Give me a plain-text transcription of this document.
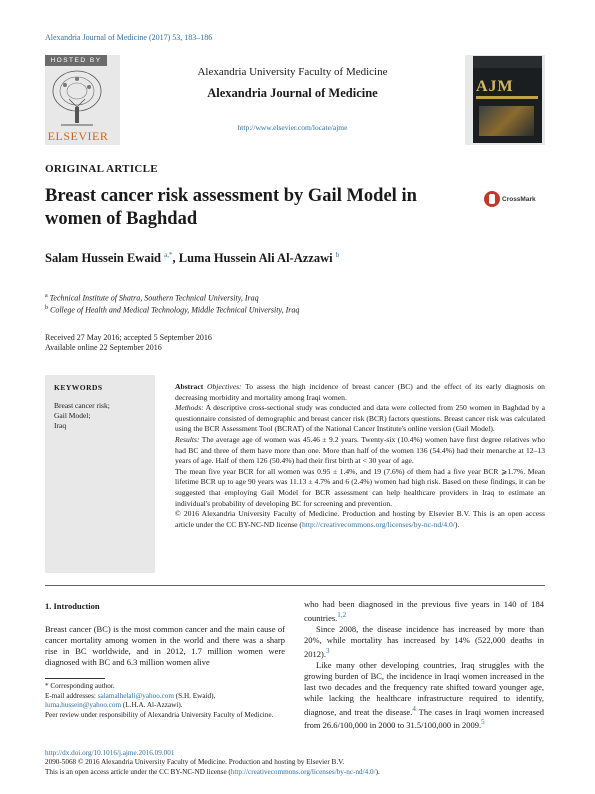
Alexandria Journal of Medicine (2017) 53, 183–186
HOSTED BY
ELSEVIER
Alexandria University Faculty of Medicine
Alexandria Journal of Medicine
http://www.elsevier.com/locate/ajme
AJM
ORIGINAL ARTICLE
Breast cancer risk assessment by Gail Model in
women of Baghdad
CrossMark
Salam Hussein Ewaid $^{a,*}$, Luma Hussein Ali Al-Azzawi $^b$
$^a$ Technical Institute of Shatra, Southern Technical University, Iraq
$^b$ College of Health and Medical Technology, Middle Technical University, Iraq
Received 27 May 2016; accepted 5 September 2016
Available online 22 September 2016
KEYWORDS
Breast cancer risk;
Gail Model;
Iraq

Abstract Objectives: To assess the high incidence of breast cancer (BC) and the effect of its early diagnosis on decreasing morbidity and mortality among Iraqi women.

Methods: A descriptive cross-sectional study was conducted and data were collected from 250 women in Baghdad by a questionnaire consisted of demographic and breast cancer risk (BCR) factors questions. Breast cancer risk was calculated using the BCR Assessment Tool (BCRAT) of the National Cancer Institute's online version (Gail Model).

Results: The average age of women was 45.46 ± 9.2 years. Twenty-six (10.4%) women have first degree relatives who had BC and three of them have more than one. More than half of the women 136 (54.4%) had their menarche at 12–13 years of age. Half of them 126 (50.4%) had their first birth at < 30 year of age.

The mean five year BCR for all women was 0.95 ± 1.4%, and 19 (7.6%) of them had a five year BCR ⩾1.7%. Mean lifetime BCR up to age 90 years was 11.13 ± 4.7% and 6 (2.4%) women had high risk. Based on these findings, it can be suggested that employing Gail Model for BCR assessment can help healthcare providers in Iraq to estimate an individual's probability of developing BC for screening and prevention.

© 2016 Alexandria University Faculty of Medicine. Production and hosting by Elsevier B.V. This is an open access article under the CC BY-NC-ND license (http://creativecommons.org/licenses/by-nc-nd/4.0/).

1. Introduction

Breast cancer (BC) is the most common cancer and the main cause of cancer mortality among women in the world and there was a sharp rise in BC worldwide, and in 2012, 1.7 million women were diagnosed with BC and 6.3 million women alive

who had been diagnosed in the previous five years in 140 of 184 countries.$^{1,2}$

Since 2008, the disease incidence has increased by more than 20%, while mortality has increased by 14% (522,000 deaths in 2012).$^3$

Like many other developing countries, Iraq struggles with the growing burden of BC, the incidence in Iraqi women increased in the last two decades and the frequency rate shifted toward younger age, while lacking the healthcare infrastructure required to identify, diagnose, and treat the disease.$^4$ The cases in Iraqi women increased from 26.6/100,000 in 2000 to 31.5/100,000 in 2009.$^5$

* Corresponding author.

E-mail addresses: salamalhelali@yahoo.com (S.H. Ewaid), luma.hussein@yahoo.com (L.H.A. Al-Azzawi).

Peer review under responsibility of Alexandria University Faculty of Medicine.

http://dx.doi.org/10.1016/j.ajme.2016.09.001

2090-5068 © 2016 Alexandria University Faculty of Medicine. Production and hosting by Elsevier B.V.

This is an open access article under the CC BY-NC-ND license (http://creativecommons.org/licenses/by-nc-nd/4.0/).
